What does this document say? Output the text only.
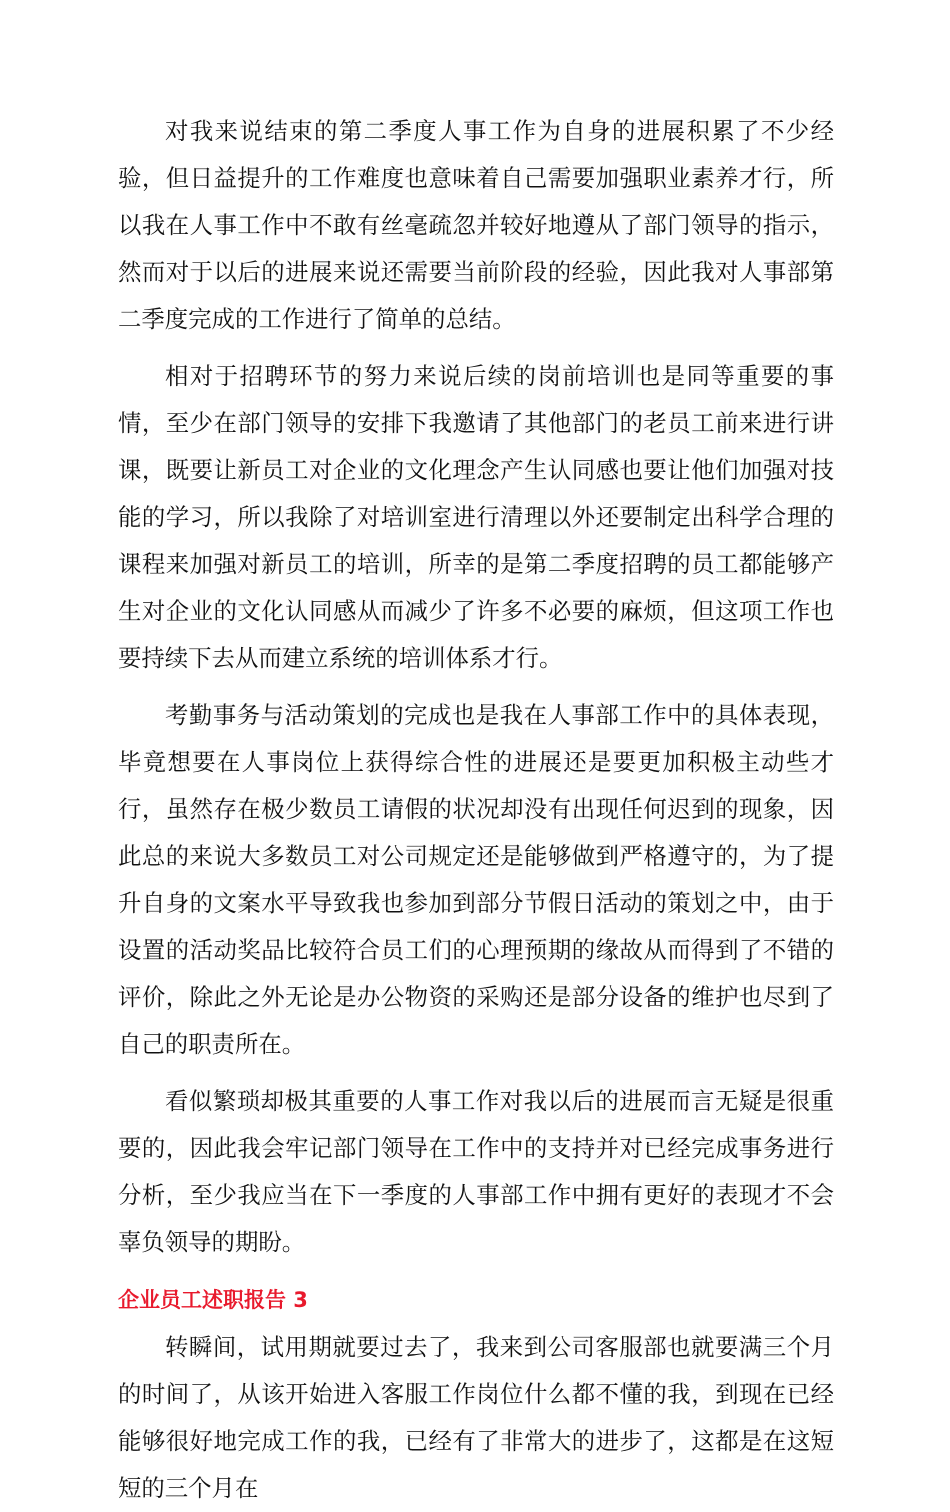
对我来说结束的第二季度人事工作为自身的进展积累了不少经验，但日益提升的工作难度也意味着自己需要加强职业素养才行，所以我在人事工作中不敢有丝毫疏忽并较好地遵从了部门领导的指示，然而对于以后的进展来说还需要当前阶段的经验，因此我对人事部第二季度完成的工作进行了简单的总结。

相对于招聘环节的努力来说后续的岗前培训也是同等重要的事情，至少在部门领导的安排下我邀请了其他部门的老员工前来进行讲课，既要让新员工对企业的文化理念产生认同感也要让他们加强对技能的学习，所以我除了对培训室进行清理以外还要制定出科学合理的课程来加强对新员工的培训，所幸的是第二季度招聘的员工都能够产生对企业的文化认同感从而减少了许多不必要的麻烦，但这项工作也要持续下去从而建立系统的培训体系才行。

考勤事务与活动策划的完成也是我在人事部工作中的具体表现，毕竟想要在人事岗位上获得综合性的进展还是要更加积极主动些才行，虽然存在极少数员工请假的状况却没有出现任何迟到的现象，因此总的来说大多数员工对公司规定还是能够做到严格遵守的，为了提升自身的文案水平导致我也参加到部分节假日活动的策划之中，由于设置的活动奖品比较符合员工们的心理预期的缘故从而得到了不错的评价，除此之外无论是办公物资的采购还是部分设备的维护也尽到了自己的职责所在。

看似繁琐却极其重要的人事工作对我以后的进展而言无疑是很重要的，因此我会牢记部门领导在工作中的支持并对已经完成事务进行分析，至少我应当在下一季度的人事部工作中拥有更好的表现才不会辜负领导的期盼。

企业员工述职报告 3

转瞬间，试用期就要过去了，我来到公司客服部也就要满三个月的时间了，从该开始进入客服工作岗位什么都不懂的我，到现在已经能够很好地完成工作的我，已经有了非常大的进步了，这都是在这短短的三个月在
